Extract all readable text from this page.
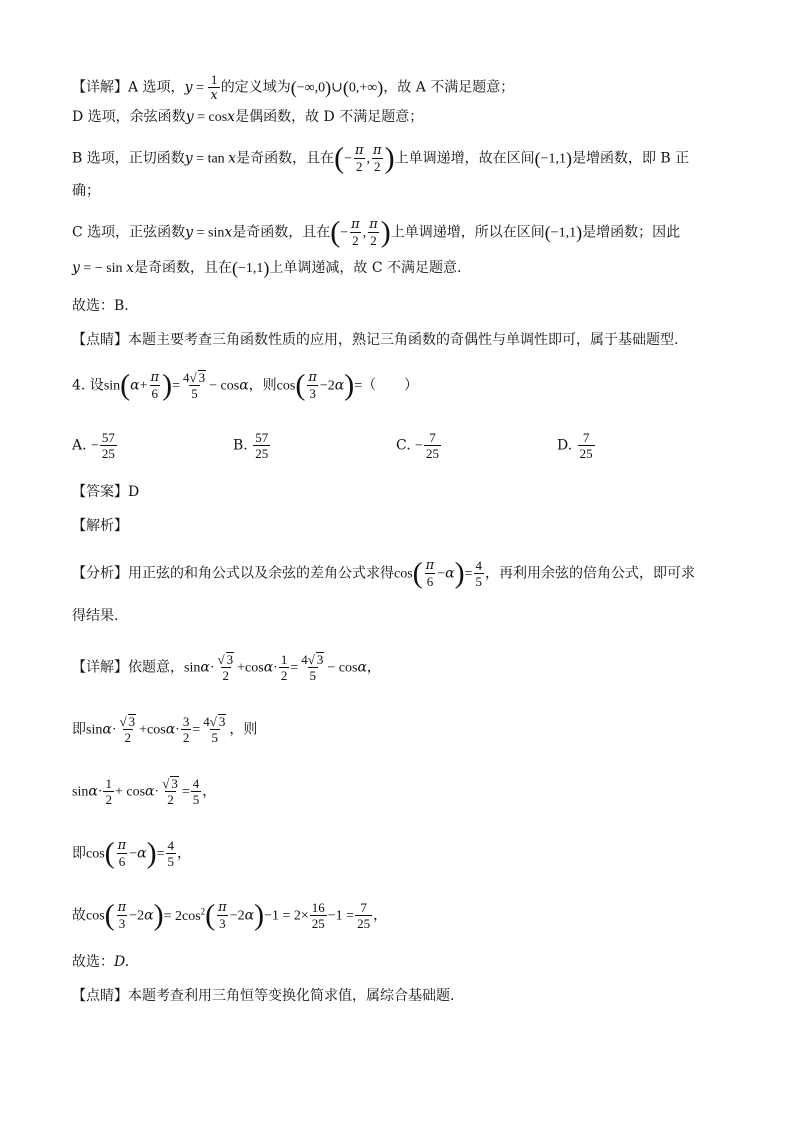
【详解】A 选项，$y = \frac{1}{x}$ 的定义域为(−∞,0)∪(0,+∞)，故 A 不满足题意；
D 选项，余弦函数y = cosx是偶函数，故 D 不满足题意；
B 选项，正切函数y = tan x是奇函数，且在(− $\frac{\pi}{2}$ , $\frac{\pi}{2}$ )上单调递增，故在区间(−1,1)是增函数，即 B 正
确；
C 选项，正弦函数y = sinx是奇函数，且在(− $\frac{\pi}{2}$ , $\frac{\pi}{2}$ )上单调递增，所以在区间(−1,1)是增函数；因此
y = − sin x是奇函数，且在(−1,1)上单调递减，故 C 不满足题意.
故选：B.
【点睛】本题主要考查三角函数性质的应用，熟记三角函数的奇偶性与单调性即可，属于基础题型.
4. 设$\sin(\alpha+ \frac{\pi}{6}$ )= $\frac{4√ 3}{5} - \cos\alpha$，则$\cos( \frac{\pi}{3} -2\alpha)=$（　　）
A. − $\frac{57}{25}$	B. $\frac{57}{25}$	C. − $\frac{7}{25}$	D. $\frac{7}{25}$
【答案】D
【解析】
【分析】用正弦的和角公式以及余弦的差角公式求得$\cos( \frac{\pi}{6} -\alpha)= \frac{4}{5}$ ，再利用余弦的倍角公式，即可求
得结果.
【详解】依题意，$\sin\alpha\cdot \frac{√ 3}{2} +\cos\alpha\cdot \frac{1}{2} = \frac{4√ 3}{5} - \cos\alpha$，
即$\sin\alpha\cdot \frac{√ 3}{2} +\cos\alpha\cdot \frac{3}{2} = \frac{4√ 3}{5}$ ，则
$\sin\alpha\cdot \frac{1}{2} + \cos\alpha\cdot \frac{√ 3}{2} = \frac{4}{5}$ ，
即$\cos( \frac{\pi}{6} -\alpha)= \frac{4}{5}$ ，
故$\cos( \frac{\pi}{3} -2\alpha)= 2\cos^2( \frac{\pi}{3} -2\alpha)-1 = 2\times \frac{16}{25} -1 = \frac{7}{25}$ ，
故选：D.
【点睛】本题考查利用三角恒等变换化简求值，属综合基础题.
